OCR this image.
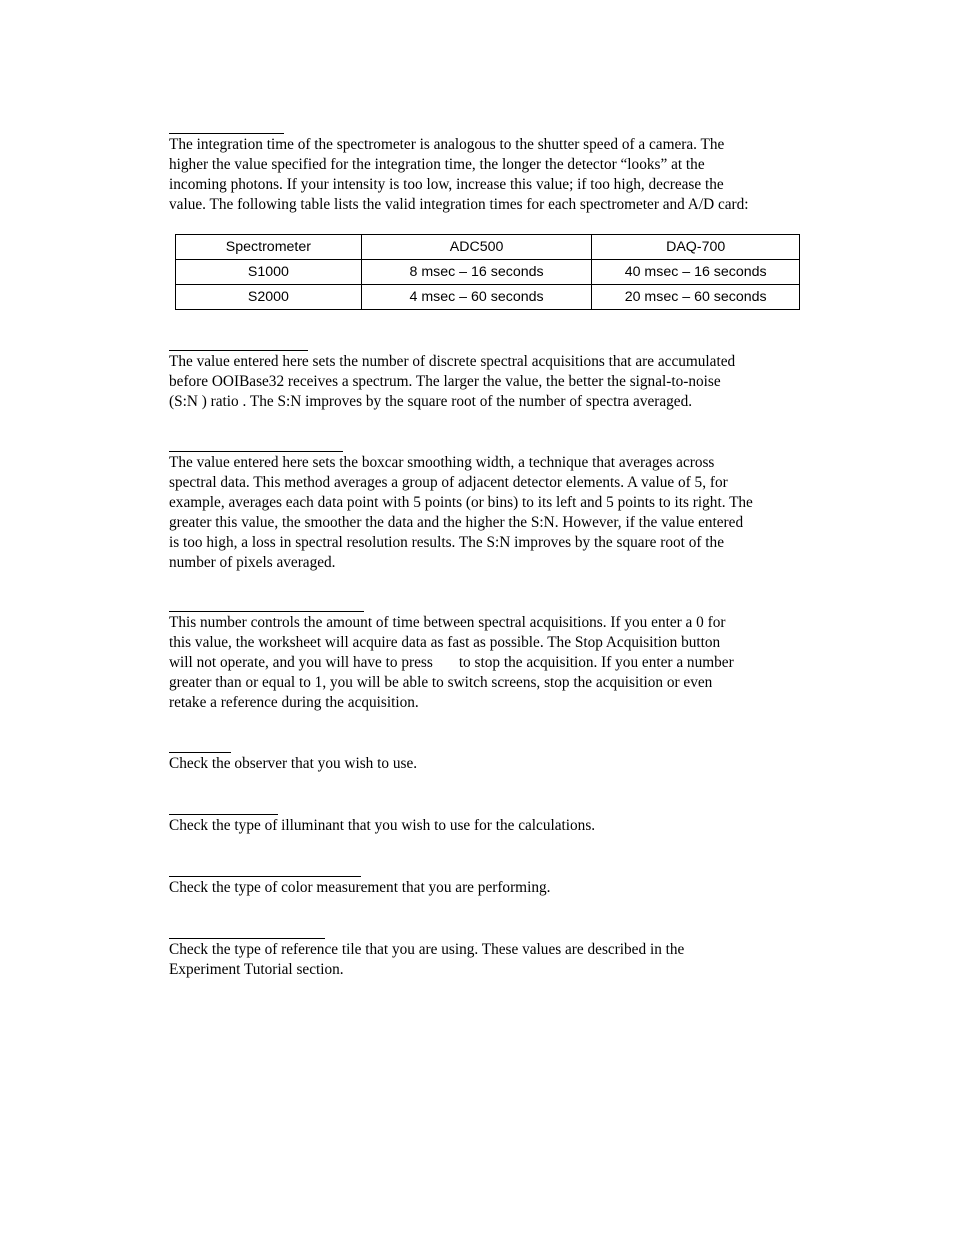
The integration time of the spectrometer is analogous to the shutter speed of a camera. The
higher the value specified for the integration time, the longer the detector “looks” at the
incoming photons. If your intensity is too low, increase this value; if too high, decrease the
value. The following table lists the valid integration times for each spectrometer and A/D card:

Spectrometer	ADC500	DAQ-700
S1000	8 msec – 16 seconds	40 msec – 16 seconds
S2000	4 msec – 60 seconds	20 msec – 60 seconds

The value entered here sets the number of discrete spectral acquisitions that are accumulated
before OOIBase32 receives a spectrum. The larger the value, the better the signal-to-noise
(S:N ) ratio . The S:N improves by the square root of the number of spectra averaged.

The value entered here sets the boxcar smoothing width, a technique that averages across
spectral data. This method averages a group of adjacent detector elements. A value of 5, for
example, averages each data point with 5 points (or bins) to its left and 5 points to its right. The
greater this value, the smoother the data and the higher the S:N. However, if the value entered
is too high, a loss in spectral resolution results. The S:N improves by the square root of the
number of pixels averaged.

This number controls the amount of time between spectral acquisitions. If you enter a 0 for
this value, the worksheet will acquire data as fast as possible. The Stop Acquisition button
will not operate, and you will have to press to stop the acquisition. If you enter a number
greater than or equal to 1, you will be able to switch screens, stop the acquisition or even
retake a reference during the acquisition.

Check the observer that you wish to use.

Check the type of illuminant that you wish to use for the calculations.

Check the type of color measurement that you are performing.

Check the type of reference tile that you are using. These values are described in the
Experiment Tutorial section.
